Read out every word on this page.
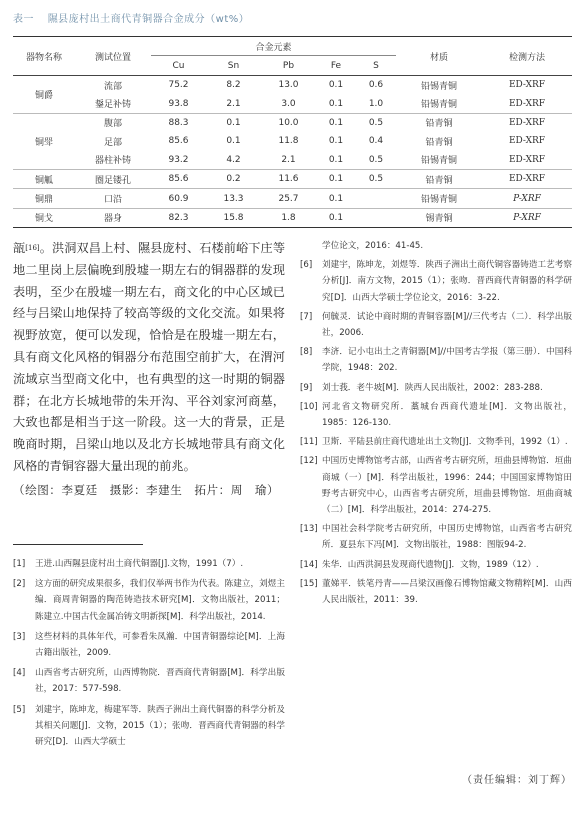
表一 隰县庞村出土商代青铜器合金成分（wt%）
器物名称	测试位置	合金元素					材质	检测方法
		Cu	Sn	Pb	Fe	S		
铜爵	流部	75.2	8.2	13.0	0.1	0.6	铅锡青铜	ED-XRF
	鋬足补铸	93.8	2.1	3.0	0.1	1.0	铅锡青铜	ED-XRF
铜斝	腹部	88.3	0.1	10.0	0.1	0.5	铅青铜	ED-XRF
	足部	85.6	0.1	11.8	0.1	0.4	铅青铜	ED-XRF
	器柱补铸	93.2	4.2	2.1	0.1	0.5	铅锡青铜	ED-XRF
铜觚	圈足镂孔	85.6	0.2	11.6	0.1	0.5	铅青铜	ED-XRF
铜鼎	口沿	60.9	13.3	25.7	0.1		铅锡青铜	P-XRF
铜戈	器身	82.3	15.8	1.8	0.1		锡青铜	P-XRF

瓿[16]。洪洞双昌上村、隰县庞村、石楼前峪下庄等地二里岗上层偏晚到殷墟一期左右的铜器群的发现表明，至少在殷墟一期左右，商文化的中心区域已经与吕梁山地保持了较高等级的文化交流。如果将视野放宽，便可以发现，恰恰是在殷墟一期左右，具有商文化风格的铜器分布范围空前扩大，在渭河流域京当型商文化中，也有典型的这一时期的铜器群；在北方长城地带的朱开沟、平谷刘家河商墓，大致也都是相当于这一阶段。这一大的背景，正是晚商时期，吕梁山地以及北方长城地带具有商文化风格的青铜容器大量出现的前兆。

（绘图：李夏廷　摄影：李建生　拓片：周　瑜）

[1]	王进.山西隰县庞村出土商代铜器[J].文物，1991（7）.
[2]	这方面的研究成果很多，我们仅举两书作为代表。陈建立，刘煜主编．商周青铜器的陶范铸造技术研究[M]．文物出版社，2011；陈建立.中国古代金属冶铸文明新探[M]．科学出版社，2014.
[3]	这些材料的具体年代，可参看朱凤瀚．中国青铜器综论[M]．上海古籍出版社，2009.
[4]	山西省考古研究所，山西博物院．晋西商代青铜器[M]．科学出版社，2017：577-598.
[5]	刘建宇，陈坤龙，梅建军等．陕西子洲出土商代铜器的科学分析及其相关问题[J]．文物，2015（1）；张吻．晋西商代青铜器的科学研究[D]．山西大学硕士
学位论文，2016：41-45.
[6]	刘建宇，陈坤龙，刘煜等．陕西子洲出土商代铜容器铸造工艺考察分析[J]．南方文物，2015（1）；张吻．晋西商代青铜器的科学研究[D]．山西大学硕士学位论文，2016：3-22.
[7]	何毓灵．试论中商时期的青铜容器[M]//三代考古（二）．科学出版社，2006.
[8]	李济．记小屯出土之青铜器[M]//中国考古学报（第三册）．中国科学院，1948：202.
[9]	刘士莪．老牛坡[M]．陕西人民出版社，2002：283-288.
[10] 河北省文物研究所．藁城台西商代遗址[M]．文物出版社，1985：126-130.
[11] 卫斯．平陆县前庄商代遗址出土文物[J]．文物季刊，1992（1）.
[12] 中国历史博物馆考古部，山西省考古研究所，垣曲县博物馆．垣曲商城（一）[M]．科学出版社，1996：244；中国国家博物馆田野考古研究中心，山西省考古研究所，垣曲县博物馆．垣曲商城（二）[M]．科学出版社，2014：274-275.
[13] 中国社会科学院考古研究所，中国历史博物馆，山西省考古研究所．夏县东下冯[M]．文物出版社，1988：图版94-2.
[14] 朱华．山西洪洞县发现商代遗物[J]．文物，1989（12）.
[15] 董娣平．铁笔丹青——吕梁汉画像石博物馆藏文物精粹[M]．山西人民出版社，2011：39.
（责任编辑：刘丁辉）
